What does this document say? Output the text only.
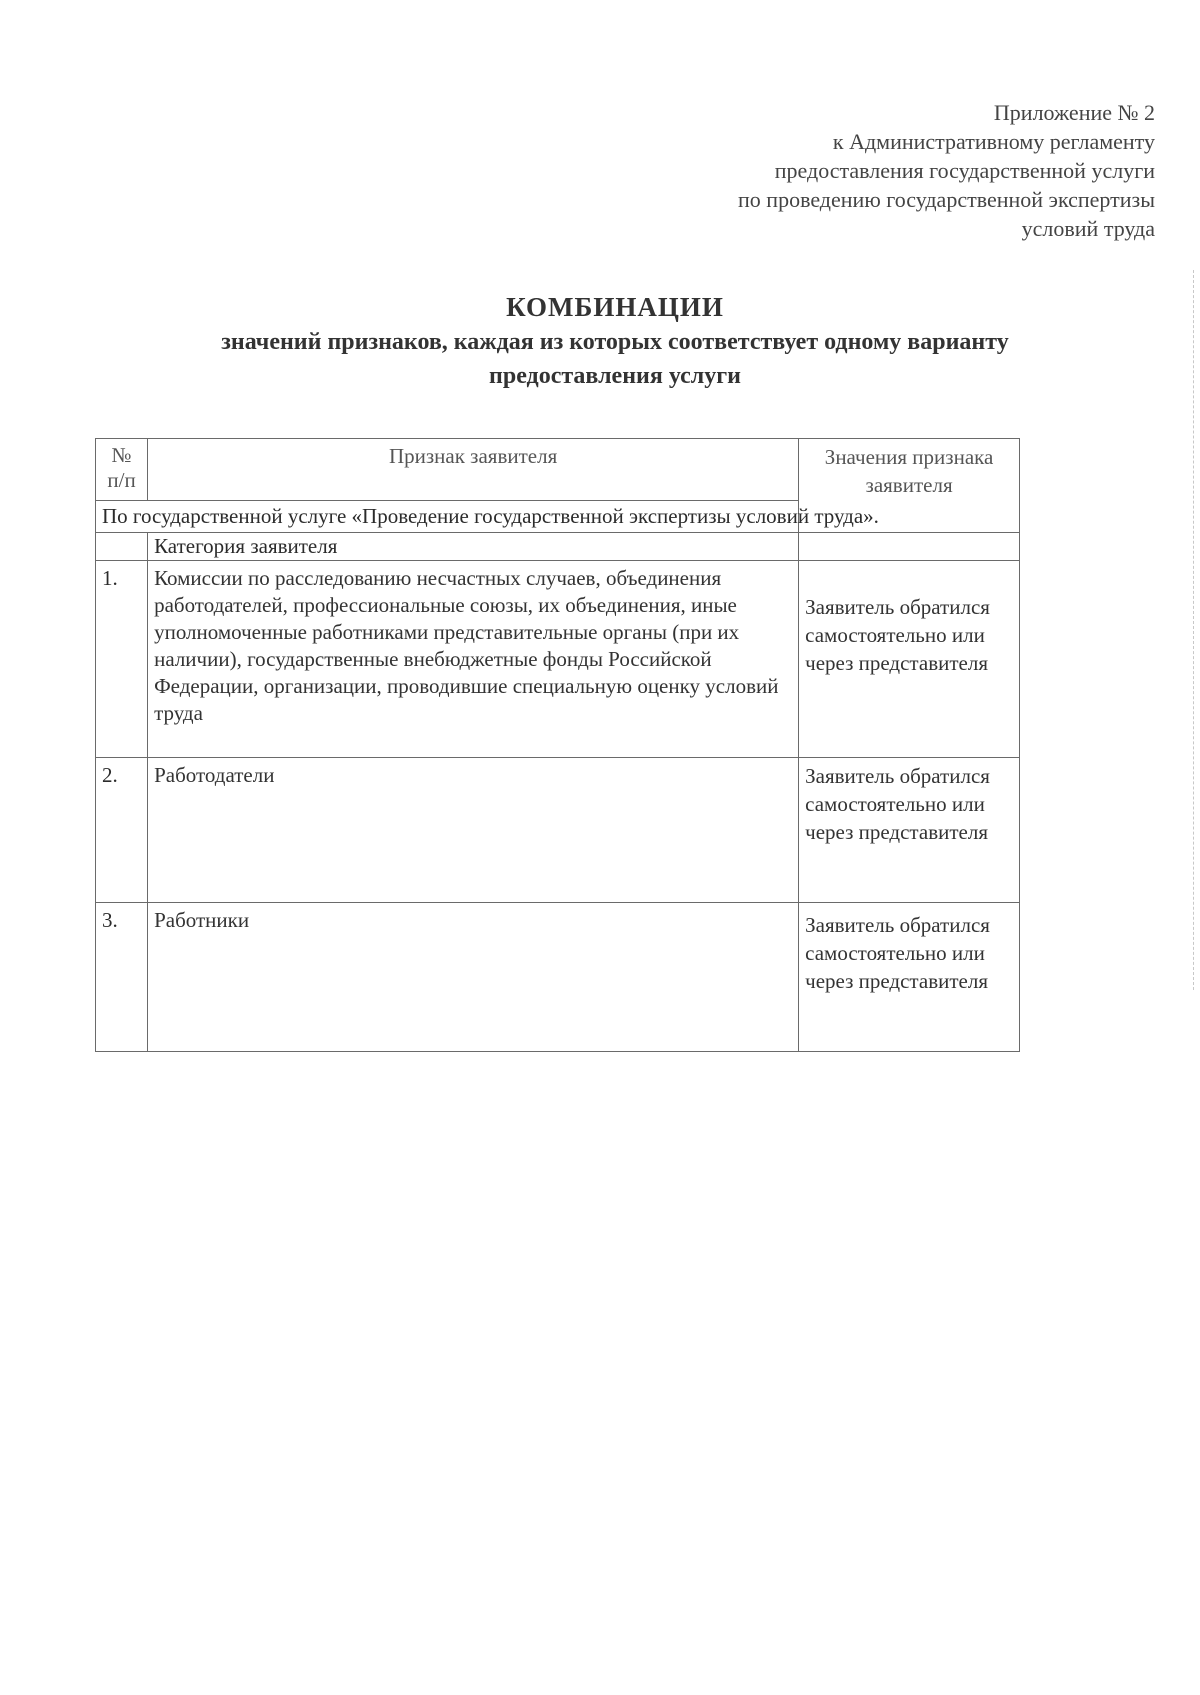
Приложение № 2
к Административному регламенту
предоставления государственной услуги
по проведению государственной экспертизы
условий труда
КОМБИНАЦИИ
значений признаков, каждая из которых соответствует одному варианту
предоставления услуги
№ п/п	Признак заявителя	Значения признака заявителя
По государственной услуге «Проведение государственной экспертизы условий труда».		
	Категория заявителя	
1.	Комиссии по расследованию несчастных случаев, объединения работодателей, профессиональные союзы, их объединения, иные уполномоченные работниками представительные органы (при их наличии), государственные внебюджетные фонды Российской Федерации, организации, проводившие специальную оценку условий труда	Заявитель обратился самостоятельно или через представителя
2.	Работодатели	Заявитель обратился самостоятельно или через представителя
3.	Работники	Заявитель обратился самостоятельно или через представителя
